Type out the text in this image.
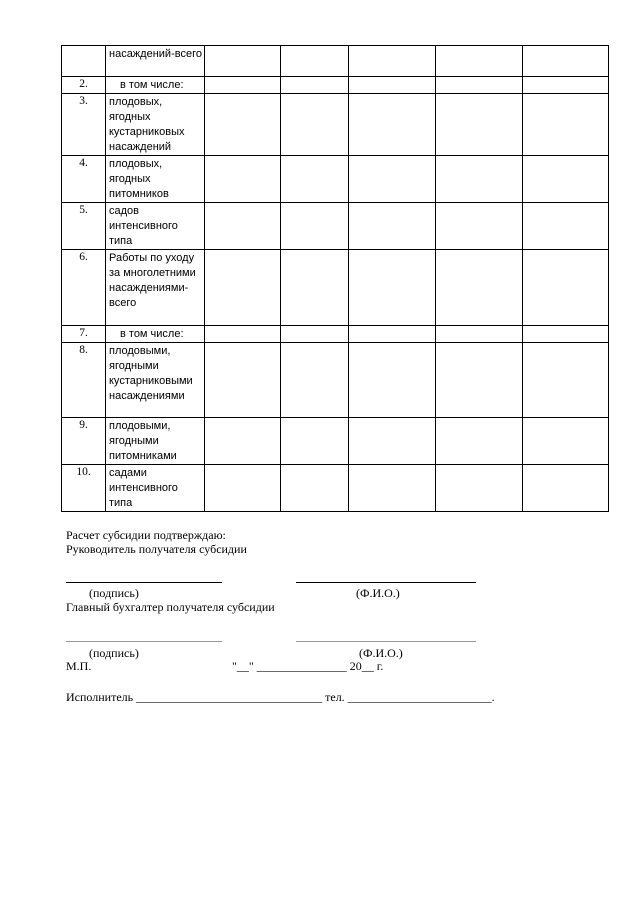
	насаждений-всего					
2.	в том числе:					
3.	плодовых, ягодных кустарниковых насаждений					
4.	плодовых, ягодных питомников					
5.	садов интенсивного типа					
6.	Работы по уходу за многолетними насаждениями-всего					
7.	в том числе:					
8.	плодовыми, ягодными кустарниковыми насаждениями					
9.	плодовыми, ягодными питомниками					
10.	садами интенсивного типа					
Расчет субсидии подтверждаю:
Руководитель получателя субсидии
(подпись)	(Ф.И.О.)
Главный бухгалтер получателя субсидии
(подпись)	(Ф.И.О.)
М.П.	"__" _______________ 20__ г.
Исполнитель _______________________________ тел. ________________________.
